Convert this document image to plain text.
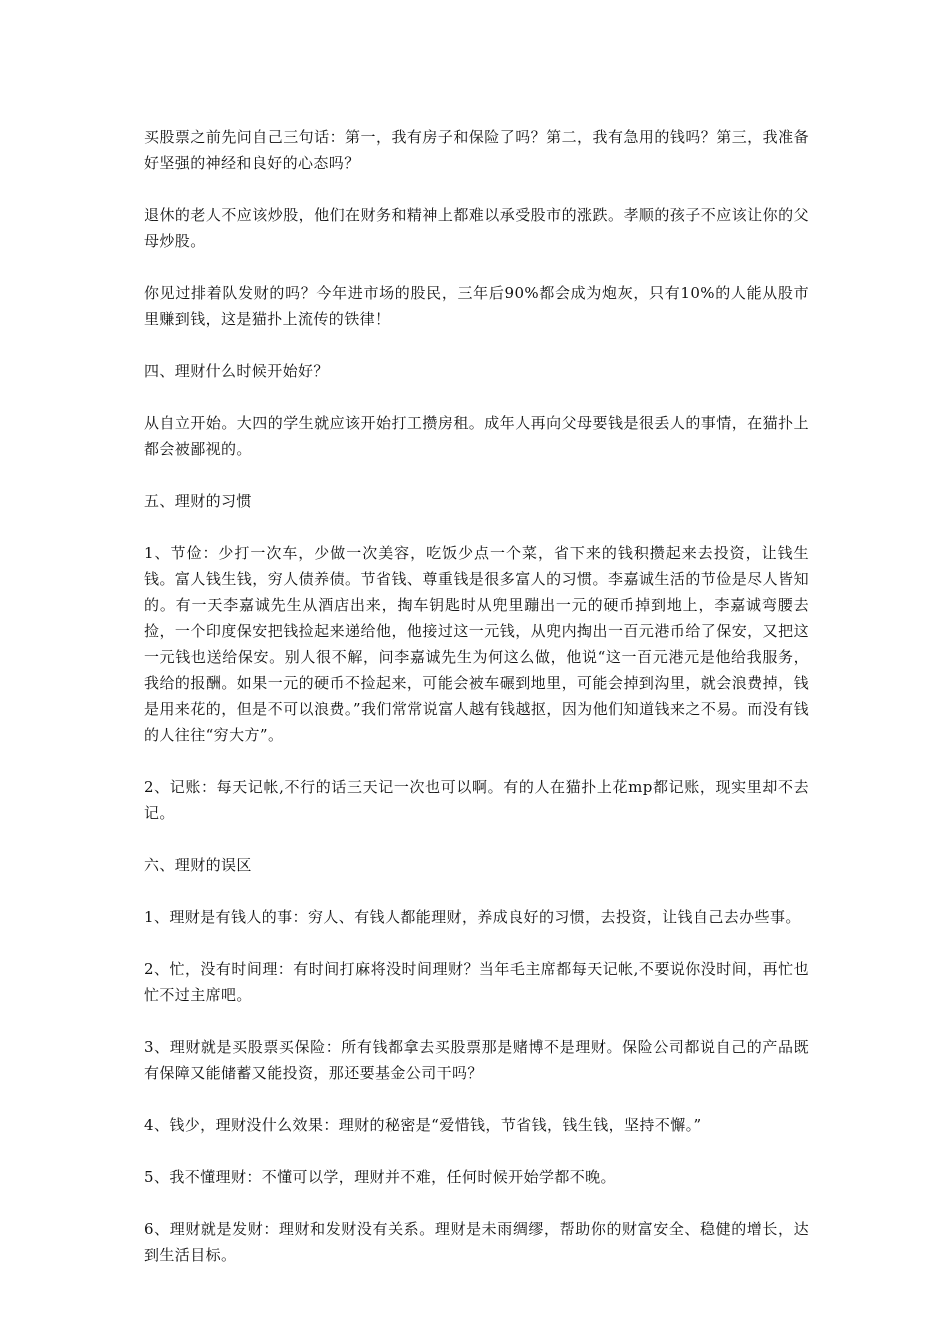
买股票之前先问自己三句话：第一，我有房子和保险了吗？第二，我有急用的钱吗？第三，我准备好坚强的神经和良好的心态吗？

退休的老人不应该炒股，他们在财务和精神上都难以承受股市的涨跌。孝顺的孩子不应该让你的父母炒股。

你见过排着队发财的吗？今年进市场的股民，三年后90%都会成为炮灰，只有10%的人能从股市里赚到钱，这是猫扑上流传的铁律！

四、理财什么时候开始好？

从自立开始。大四的学生就应该开始打工攒房租。成年人再向父母要钱是很丢人的事情，在猫扑上都会被鄙视的。

五、理财的习惯

1、节俭：少打一次车，少做一次美容，吃饭少点一个菜，省下来的钱积攒起来去投资，让钱生钱。富人钱生钱，穷人债养债。节省钱、尊重钱是很多富人的习惯。李嘉诚生活的节俭是尽人皆知的。有一天李嘉诚先生从酒店出来，掏车钥匙时从兜里蹦出一元的硬币掉到地上，李嘉诚弯腰去捡，一个印度保安把钱捡起来递给他，他接过这一元钱，从兜内掏出一百元港币给了保安，又把这一元钱也送给保安。别人很不解，问李嘉诚先生为何这么做，他说“这一百元港元是他给我服务，我给的报酬。如果一元的硬币不捡起来，可能会被车碾到地里，可能会掉到沟里，就会浪费掉，钱是用来花的，但是不可以浪费。”我们常常说富人越有钱越抠，因为他们知道钱来之不易。而没有钱的人往往“穷大方”。

2、记账：每天记帐,不行的话三天记一次也可以啊。有的人在猫扑上花mp都记账，现实里却不去记。

六、理财的误区

1、理财是有钱人的事：穷人、有钱人都能理财，养成良好的习惯，去投资，让钱自己去办些事。

2、忙，没有时间理：有时间打麻将没时间理财？当年毛主席都每天记帐,不要说你没时间，再忙也忙不过主席吧。

3、理财就是买股票买保险：所有钱都拿去买股票那是赌博不是理财。保险公司都说自己的产品既有保障又能储蓄又能投资，那还要基金公司干吗？

4、钱少，理财没什么效果：理财的秘密是“爱惜钱，节省钱，钱生钱，坚持不懈。”

5、我不懂理财：不懂可以学，理财并不难，任何时候开始学都不晚。

6、理财就是发财：理财和发财没有关系。理财是未雨绸缪，帮助你的财富安全、稳健的增长，达到生活目标。
